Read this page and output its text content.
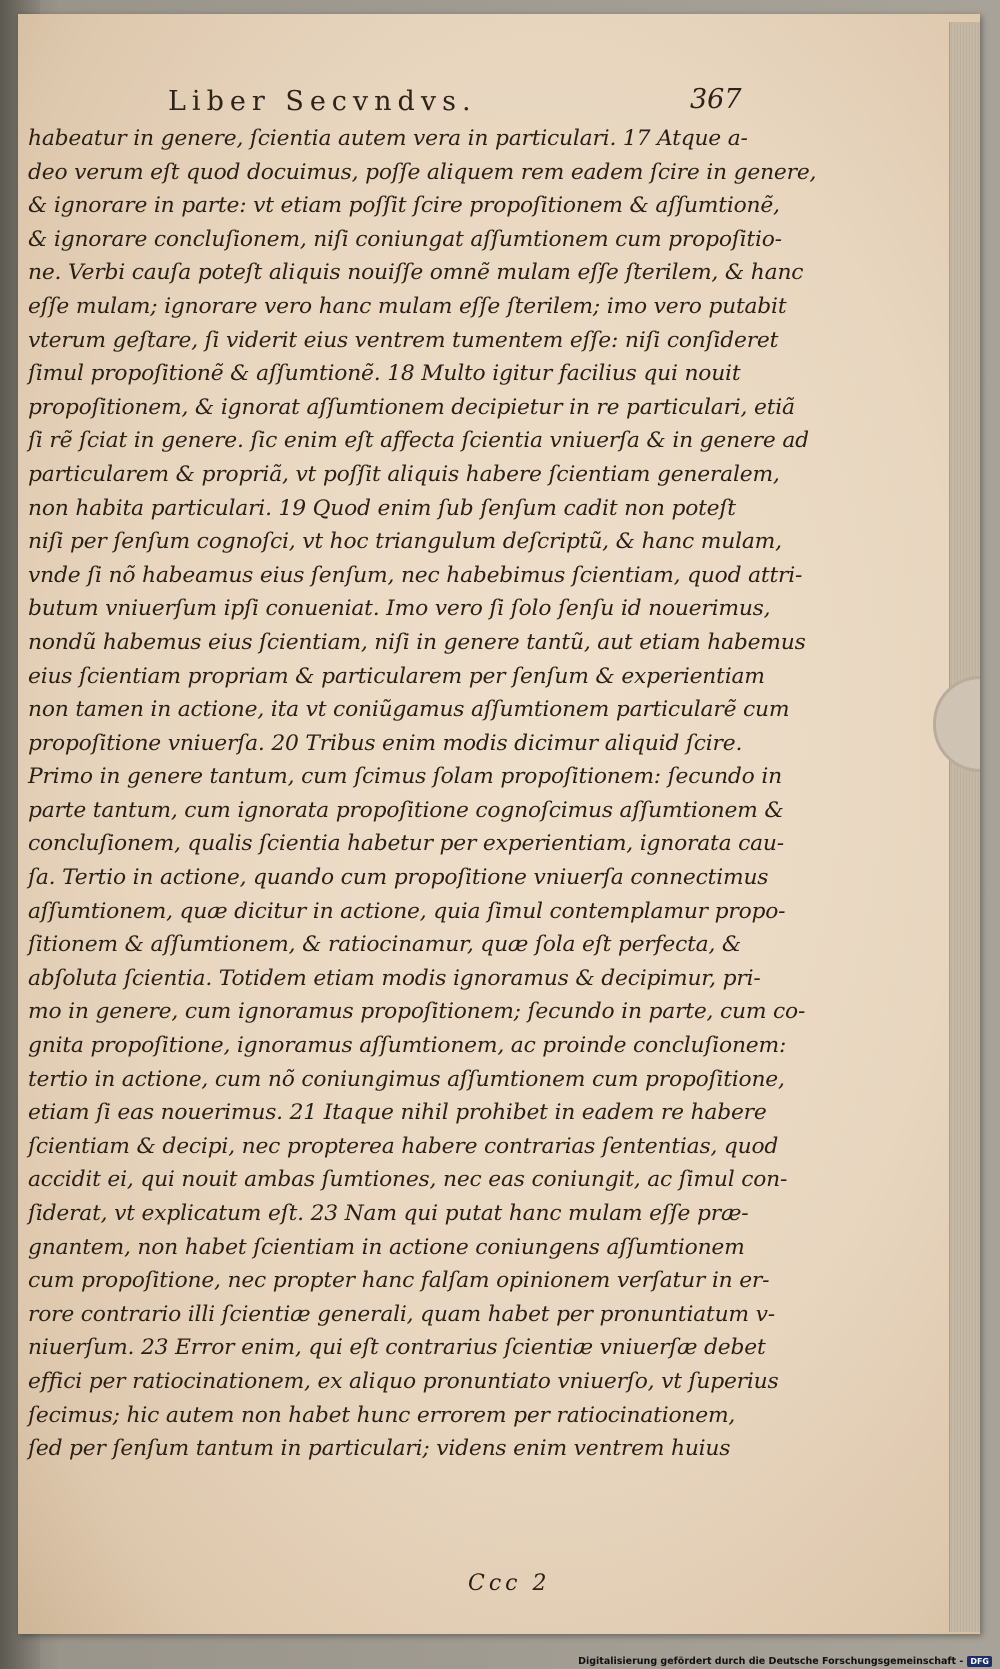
Liber Secvndvs.	367
habeatur in genere, ſcientia autem vera in particulari. 17 Atque a-
deo verum eſt quod docuimus, poſſe aliquem rem eadem ſcire in genere,
& ignorare in parte: vt etiam poſſit ſcire propoſitionem & aſſumtionẽ,
& ignorare concluſionem, niſi coniungat aſſumtionem cum propoſitio-
ne. Verbi cauſa poteſt aliquis nouiſſe omnẽ mulam eſſe ſterilem, & hanc
eſſe mulam; ignorare vero hanc mulam eſſe ſterilem; imo vero putabit
vterum geſtare, ſi viderit eius ventrem tumentem eſſe: niſi conſideret
ſimul propoſitionẽ & aſſumtionẽ. 18 Multo igitur facilius qui nouit
propoſitionem, & ignorat aſſumtionem decipietur in re particulari, etiã
ſi rẽ ſciat in genere. ſic enim eſt affecta ſcientia vniuerſa & in genere ad
particularem & propriã, vt poſſit aliquis habere ſcientiam generalem,
non habita particulari. 19 Quod enim ſub ſenſum cadit non poteſt
niſi per ſenſum cognoſci, vt hoc triangulum deſcriptũ, & hanc mulam,
vnde ſi nõ habeamus eius ſenſum, nec habebimus ſcientiam, quod attri-
butum vniuerſum ipſi conueniat. Imo vero ſi ſolo ſenſu id nouerimus,
nondũ habemus eius ſcientiam, niſi in genere tantũ, aut etiam habemus
eius ſcientiam propriam & particularem per ſenſum & experientiam
non tamen in actione, ita vt coniũgamus aſſumtionem particularẽ cum
propoſitione vniuerſa. 20 Tribus enim modis dicimur aliquid ſcire.
Primo in genere tantum, cum ſcimus ſolam propoſitionem: ſecundo in
parte tantum, cum ignorata propoſitione cognoſcimus aſſumtionem &
concluſionem, qualis ſcientia habetur per experientiam, ignorata cau-
ſa. Tertio in actione, quando cum propoſitione vniuerſa connectimus
aſſumtionem, quæ dicitur in actione, quia ſimul contemplamur propo-
ſitionem & aſſumtionem, & ratiocinamur, quæ ſola eſt perfecta, &
abſoluta ſcientia. Totidem etiam modis ignoramus & decipimur, pri-
mo in genere, cum ignoramus propoſitionem; ſecundo in parte, cum co-
gnita propoſitione, ignoramus aſſumtionem, ac proinde concluſionem:
tertio in actione, cum nõ coniungimus aſſumtionem cum propoſitione,
etiam ſi eas nouerimus. 21 Itaque nihil prohibet in eadem re habere
ſcientiam & decipi, nec propterea habere contrarias ſententias, quod
accidit ei, qui nouit ambas ſumtiones, nec eas coniungit, ac ſimul con-
ſiderat, vt explicatum eſt. 23 Nam qui putat hanc mulam eſſe præ-
gnantem, non habet ſcientiam in actione coniungens aſſumtionem
cum propoſitione, nec propter hanc falſam opinionem verſatur in er-
rore contrario illi ſcientiæ generali, quam habet per pronuntiatum v-
niuerſum. 23 Error enim, qui eſt contrarius ſcientiæ vniuerſæ debet
effici per ratiocinationem, ex aliquo pronuntiato vniuerſo, vt ſuperius
ſecimus; hic autem non habet hunc errorem per ratiocinationem,
ſed per ſenſum tantum in particulari; videns enim ventrem huius
Ccc 2
Digitalisierung gefördert durch die Deutsche Forschungsgemeinschaft - DFG
